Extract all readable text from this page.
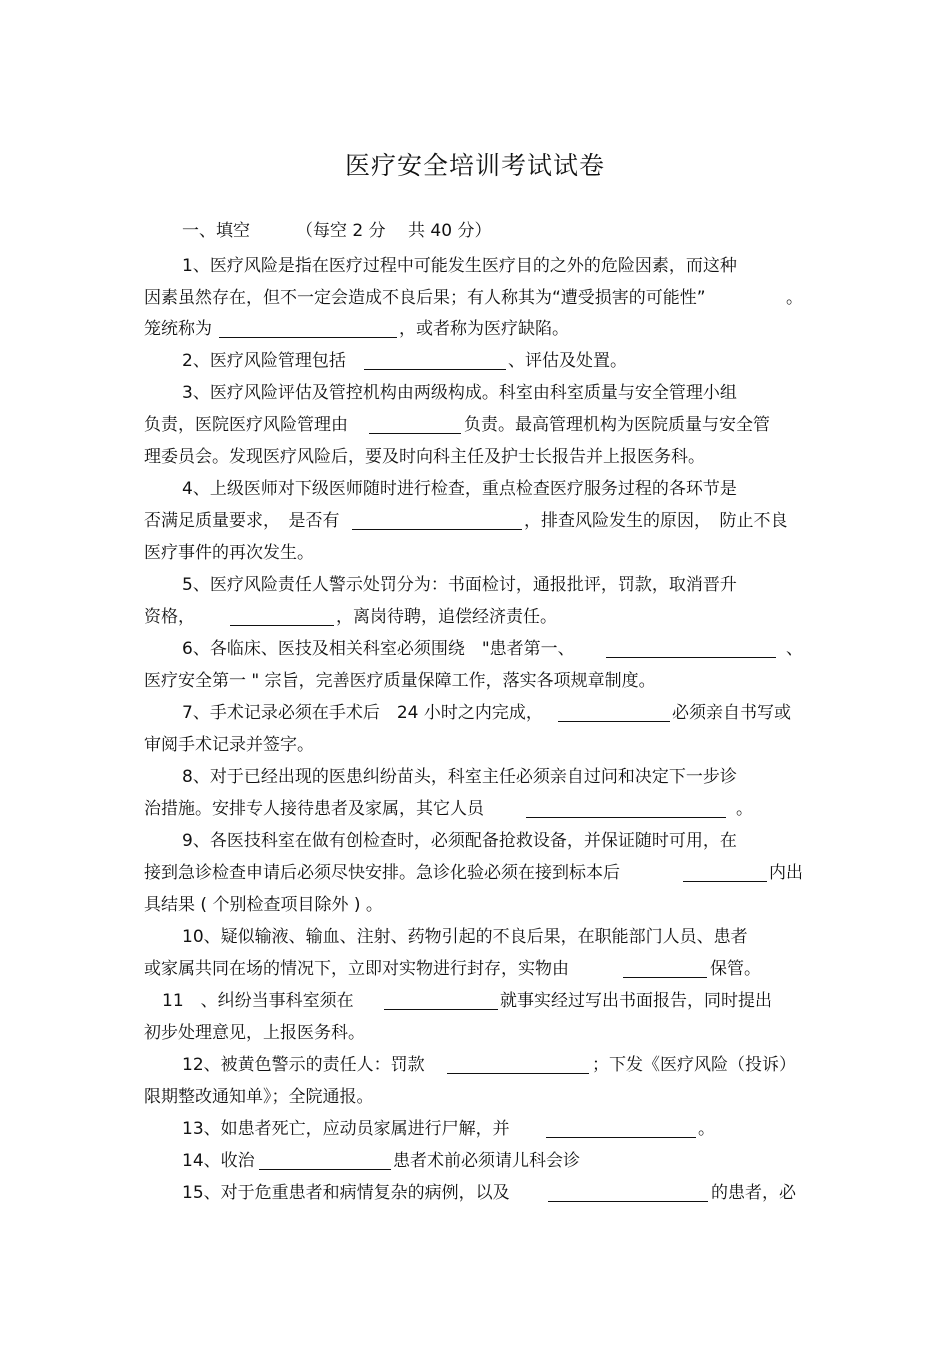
医疗安全培训考试试卷
一、填空	（每空 2 分　 共 40 分）
1、医疗风险是指在医疗过程中可能发生医疗目的之外的危险因素，而这种
因素虽然存在，但不一定会造成不良后果；有人称其为“遭受损害的可能性”	。
笼统称为	，或者称为医疗缺陷。
2、医疗风险管理包括	、评估及处置。
3、医疗风险评估及管控机构由两级构成。科室由科室质量与安全管理小组
负责，医院医疗风险管理由	负责。最高管理机构为医院质量与安全管
理委员会。发现医疗风险后，要及时向科主任及护士长报告并上报医务科。
4、上级医师对下级医师随时进行检查，重点检查医疗服务过程的各环节是
否满足质量要求，　是否有	，排查风险发生的原因，　防止不良
医疗事件的再次发生。
5、医疗风险责任人警示处罚分为：书面检讨，通报批评，罚款，取消晋升
资格，	，离岗待聘，追偿经济责任。
6、各临床、医技及相关科室必须围绕　"患者第一、	、
医疗安全第一 " 宗旨，完善医疗质量保障工作，落实各项规章制度。
7、手术记录必须在手术后　24 小时之内完成，	必须亲自书写或
审阅手术记录并签字。
8、对于已经出现的医患纠纷苗头，科室主任必须亲自过问和决定下一步诊
治措施。安排专人接待患者及家属，其它人员	。
9、各医技科室在做有创检查时，必须配备抢救设备，并保证随时可用，在
接到急诊检查申请后必须尽快安排。急诊化验必须在接到标本后	内出
具结果 ( 个别检查项目除外 ) 。
10、疑似输液、输血、注射、药物引起的不良后果，在职能部门人员、患者
或家属共同在场的情况下，立即对实物进行封存，实物由	保管。
11　、纠纷当事科室须在	就事实经过写出书面报告，同时提出
初步处理意见，上报医务科。
12、被黄色警示的责任人：罚款	；下发《医疗风险（投诉）
限期整改通知单》；全院通报。
13、如患者死亡，应动员家属进行尸解，并	。
14、收治	患者术前必须请儿科会诊
15、对于危重患者和病情复杂的病例，以及	的患者，必
